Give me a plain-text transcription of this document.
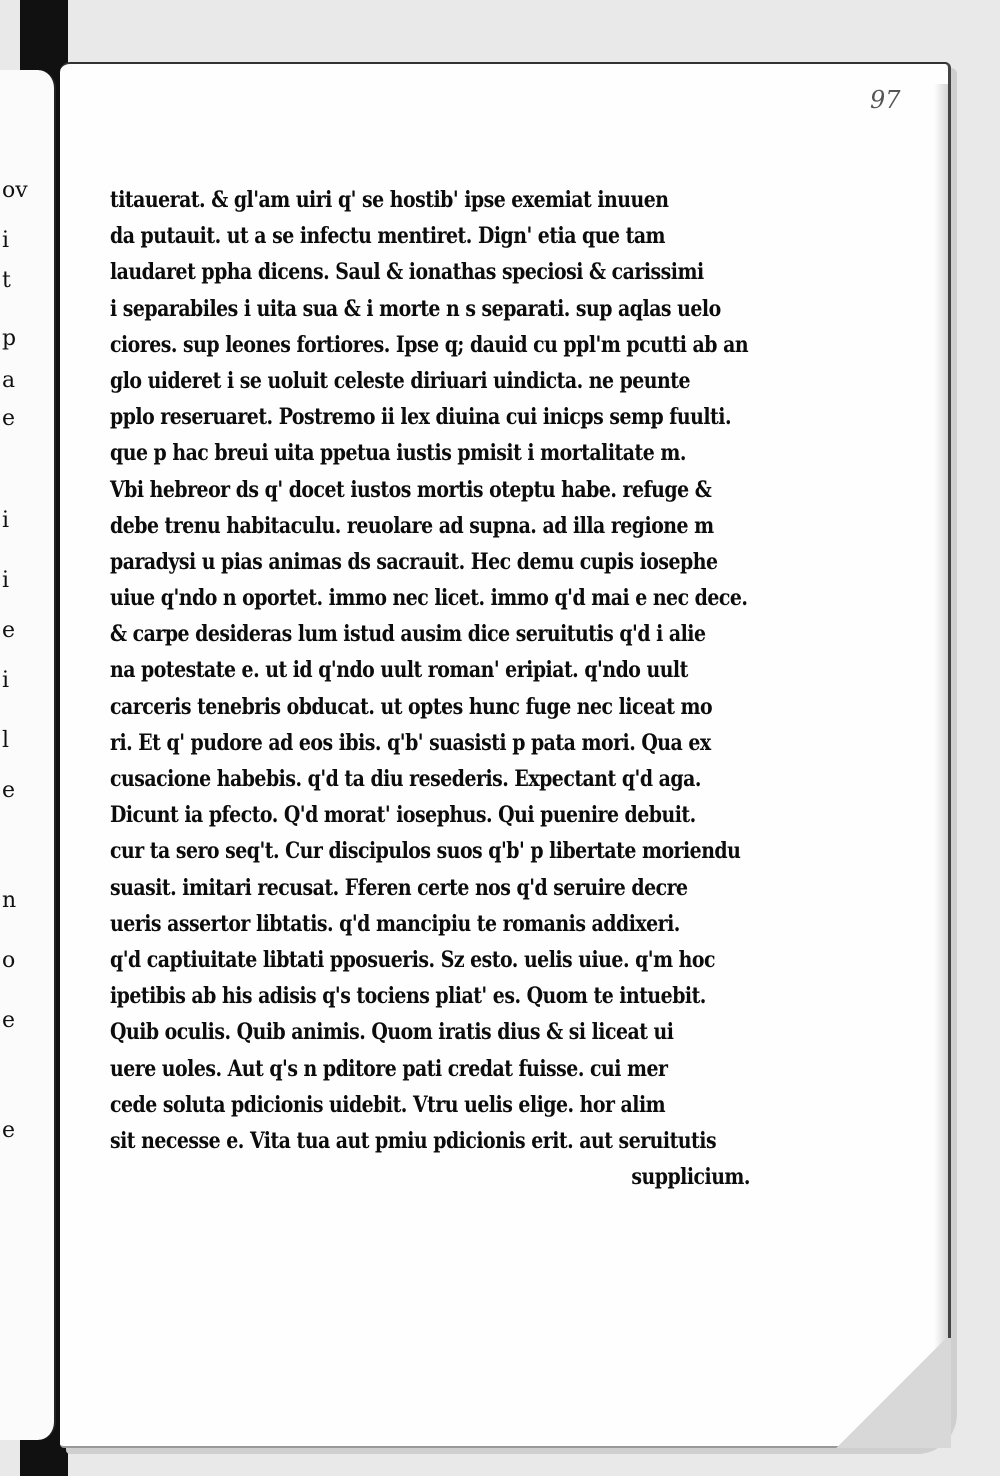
ov
i
t
p
a
e
i
i
e
i
l
e
n
o
e
e
97
titauerat. & gl'am uiri q' se hostib' ipse exemiat inuuen
da putauit. ut a se infectu mentiret. Dign' etia que tam
laudaret ppha dicens. Saul & ionathas speciosi & carissimi
i separabiles i uita sua & i morte n s separati. sup aqlas uelo
ciores. sup leones fortiores. Ipse q; dauid cu ppl'm pcutti ab an
glo uideret i se uoluit celeste diriuari uindicta. ne peunte
pplo reseruaret. Postremo ii lex diuina cui inicps semp fuulti.
que p hac breui uita ppetua iustis pmisit i mortalitate m.
Vbi hebreor ds q' docet iustos mortis oteptu habe. refuge &
debe trenu habitaculu. reuolare ad supna. ad illa regione m
paradysi u pias animas ds sacrauit. Hec demu cupis iosephe
uiue q'ndo n oportet. immo nec licet. immo q'd mai e nec dece.
& carpe desideras lum istud ausim dice seruitutis q'd i alie
na potestate e. ut id q'ndo uult roman' eripiat. q'ndo uult
carceris tenebris obducat. ut optes hunc fuge nec liceat mo
ri. Et q' pudore ad eos ibis. q'b' suasisti p pata mori. Qua ex
cusacione habebis. q'd ta diu resederis. Expectant q'd aga.
Dicunt ia pfecto. Q'd morat' iosephus. Qui puenire debuit.
cur ta sero seq't. Cur discipulos suos q'b' p libertate moriendu
suasit. imitari recusat. Fferen certe nos q'd seruire decre
ueris assertor libtatis. q'd mancipiu te romanis addixeri.
q'd captiuitate libtati pposueris. Sz esto. uelis uiue. q'm hoc
ipetibis ab his adisis q's tociens pliat' es. Quom te intuebit.
Quib oculis. Quib animis. Quom iratis dius & si liceat ui
uere uoles. Aut q's n pditore pati credat fuisse. cui mer
cede soluta pdicionis uidebit. Vtru uelis elige. hor alim
sit necesse e. Vita tua aut pmiu pdicionis erit. aut seruitutis
supplicium.
